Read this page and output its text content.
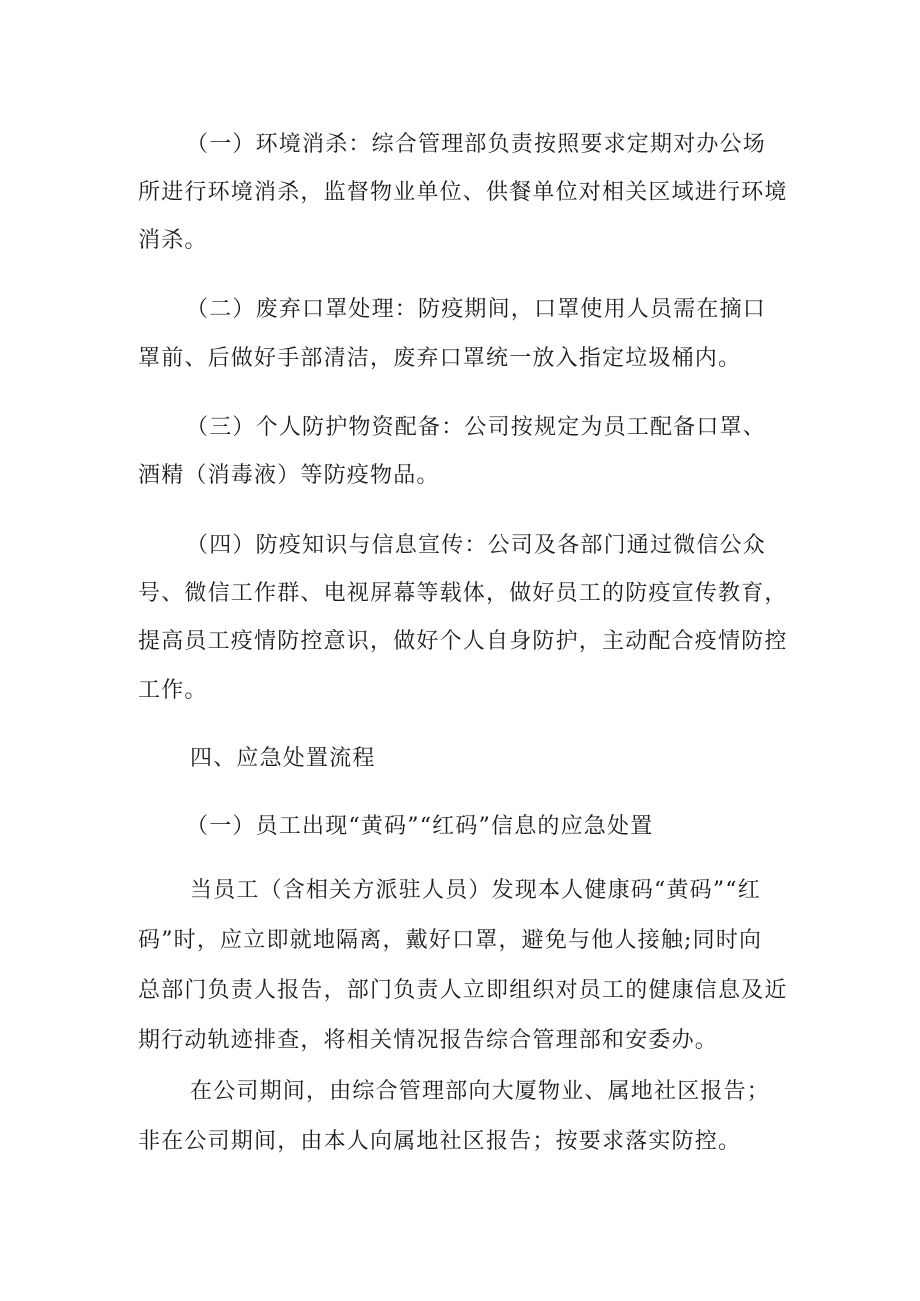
（一）环境消杀：综合管理部负责按照要求定期对办公场
所进行环境消杀，监督物业单位、供餐单位对相关区域进行环境
消杀。
（二）废弃口罩处理：防疫期间，口罩使用人员需在摘口
罩前、后做好手部清洁，废弃口罩统一放入指定垃圾桶内。
（三）个人防护物资配备：公司按规定为员工配备口罩、
酒精（消毒液）等防疫物品。
（四）防疫知识与信息宣传：公司及各部门通过微信公众
号、微信工作群、电视屏幕等载体，做好员工的防疫宣传教育，
提高员工疫情防控意识，做好个人自身防护，主动配合疫情防控
工作。
四、应急处置流程
（一）员工出现“黄码”“红码”信息的应急处置
当员工（含相关方派驻人员）发现本人健康码“黄码”“红
码”时，应立即就地隔离，戴好口罩，避免与他人接触;同时向
总部门负责人报告，部门负责人立即组织对员工的健康信息及近
期行动轨迹排查，将相关情况报告综合管理部和安委办。
在公司期间，由综合管理部向大厦物业、属地社区报告；
非在公司期间，由本人向属地社区报告；按要求落实防控。
